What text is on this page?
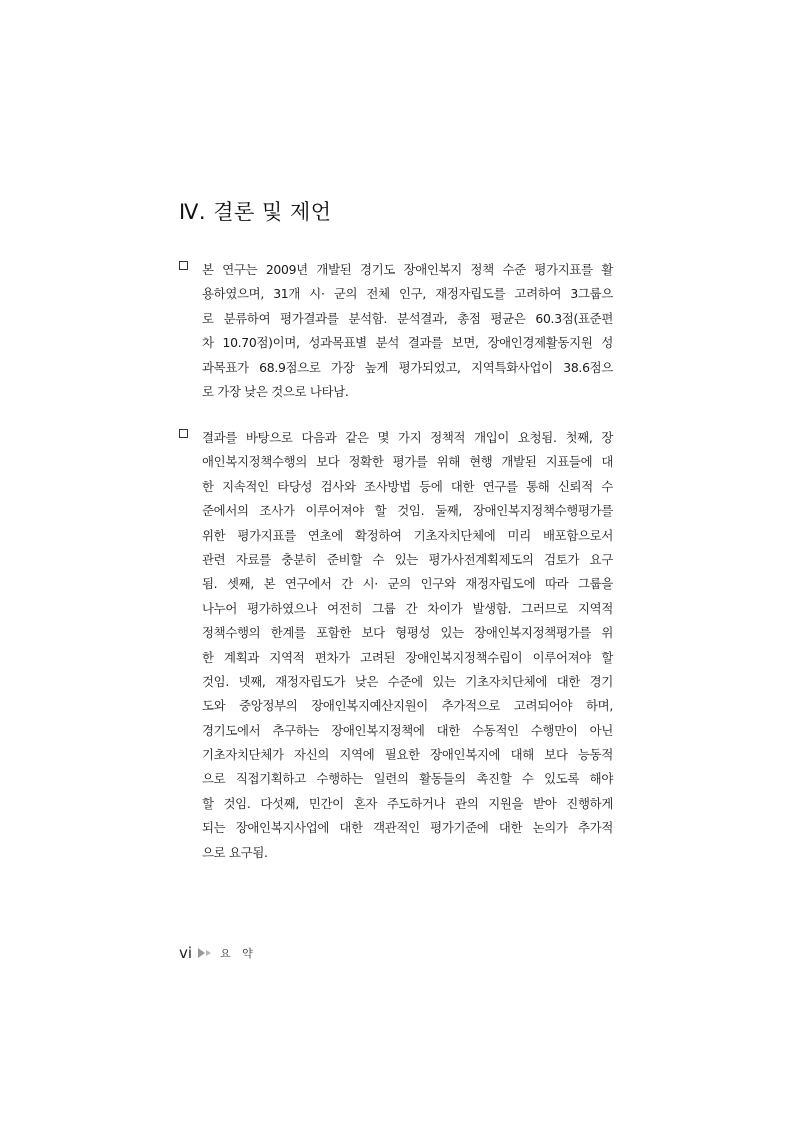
Ⅳ. 결론 및 제언

본 연구는 2009년 개발된 경기도 장애인복지 정책 수준 평가지표를 활

용하였으며, 31개 시· 군의 전체 인구, 재정자립도를 고려하여 3그룹으

로 분류하여 평가결과를 분석함. 분석결과, 총점 평균은 60.3점(표준편

차 10.70점)이며, 성과목표별 분석 결과를 보면, 장애인경제활동지원 성

과목표가 68.9점으로 가장 높게 평가되었고, 지역특화사업이 38.6점으

로 가장 낮은 것으로 나타남.

결과를 바탕으로 다음과 같은 몇 가지 정책적 개입이 요청됨. 첫째, 장

애인복지정책수행의 보다 정확한 평가를 위해 현행 개발된 지표들에 대

한 지속적인 타당성 검사와 조사방법 등에 대한 연구를 통해 신뢰적 수

준에서의 조사가 이루어져야 할 것임. 둘째, 장애인복지정책수행평가를

위한 평가지표를 연초에 확정하여 기초자치단체에 미리 배포함으로서

관련 자료를 충분히 준비할 수 있는 평가사전계획제도의 검토가 요구

됨. 셋째, 본 연구에서 간 시· 군의 인구와 재정자립도에 따라 그룹을

나누어 평가하였으나 여전히 그룹 간 차이가 발생함. 그러므로 지역적

정책수행의 한계를 포함한 보다 형평성 있는 장애인복지정책평가를 위

한 계획과 지역적 편차가 고려된 장애인복지정책수립이 이루어져야 할

것임. 넷째, 재정자립도가 낮은 수준에 있는 기초자치단체에 대한 경기

도와 중앙정부의 장애인복지예산지원이 추가적으로 고려되어야 하며,

경기도에서 추구하는 장애인복지정책에 대한 수동적인 수행만이 아닌

기초자치단체가 자신의 지역에 필요한 장애인복지에 대해 보다 능동적

으로 직접기획하고 수행하는 일련의 활동들의 촉진할 수 있도록 해야

할 것임. 다섯째, 민간이 혼자 주도하거나 관의 지원을 받아 진행하게

되는 장애인복지사업에 대한 객관적인 평가기준에 대한 논의가 추가적

으로 요구됨.

vi	요 약
